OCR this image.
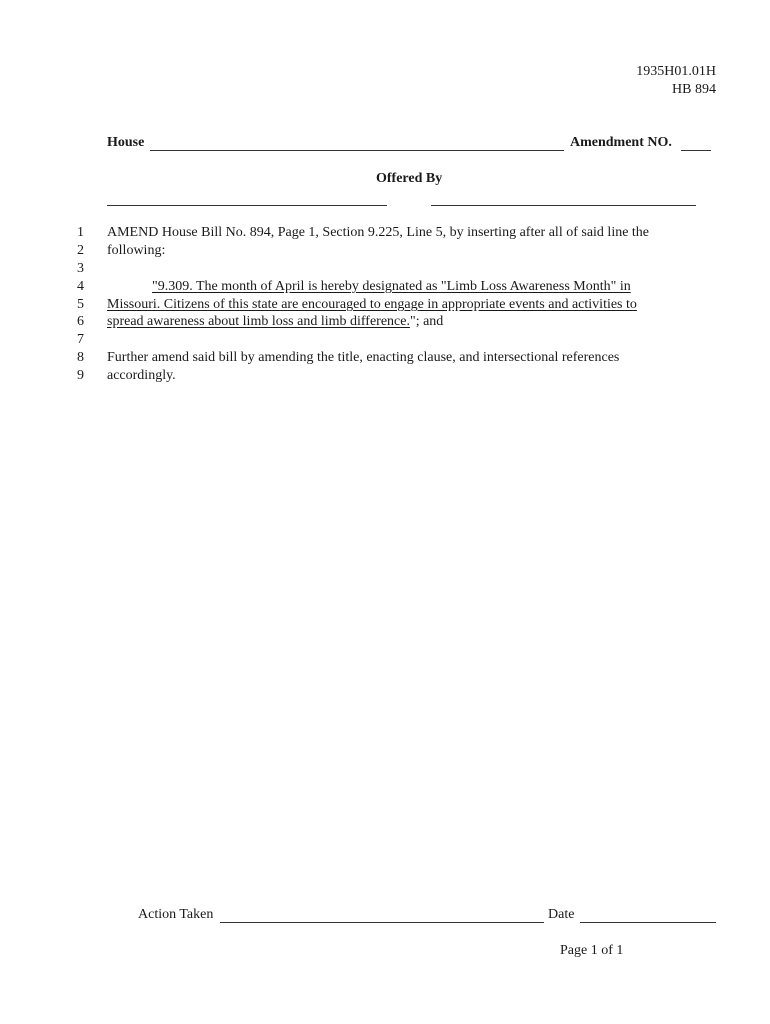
1935H01.01H
HB 894
House	Amendment NO.
Offered By
1
2
3
4
5
6
7
8
9
AMEND House Bill No. 894, Page 1, Section 9.225, Line 5, by inserting after all of said line the
following:
"9.309. The month of April is hereby designated as "Limb Loss Awareness Month" in
Missouri. Citizens of this state are encouraged to engage in appropriate events and activities to
spread awareness about limb loss and limb difference."; and
Further amend said bill by amending the title, enacting clause, and intersectional references
accordingly.
Action Taken	Date
Page 1 of 1
